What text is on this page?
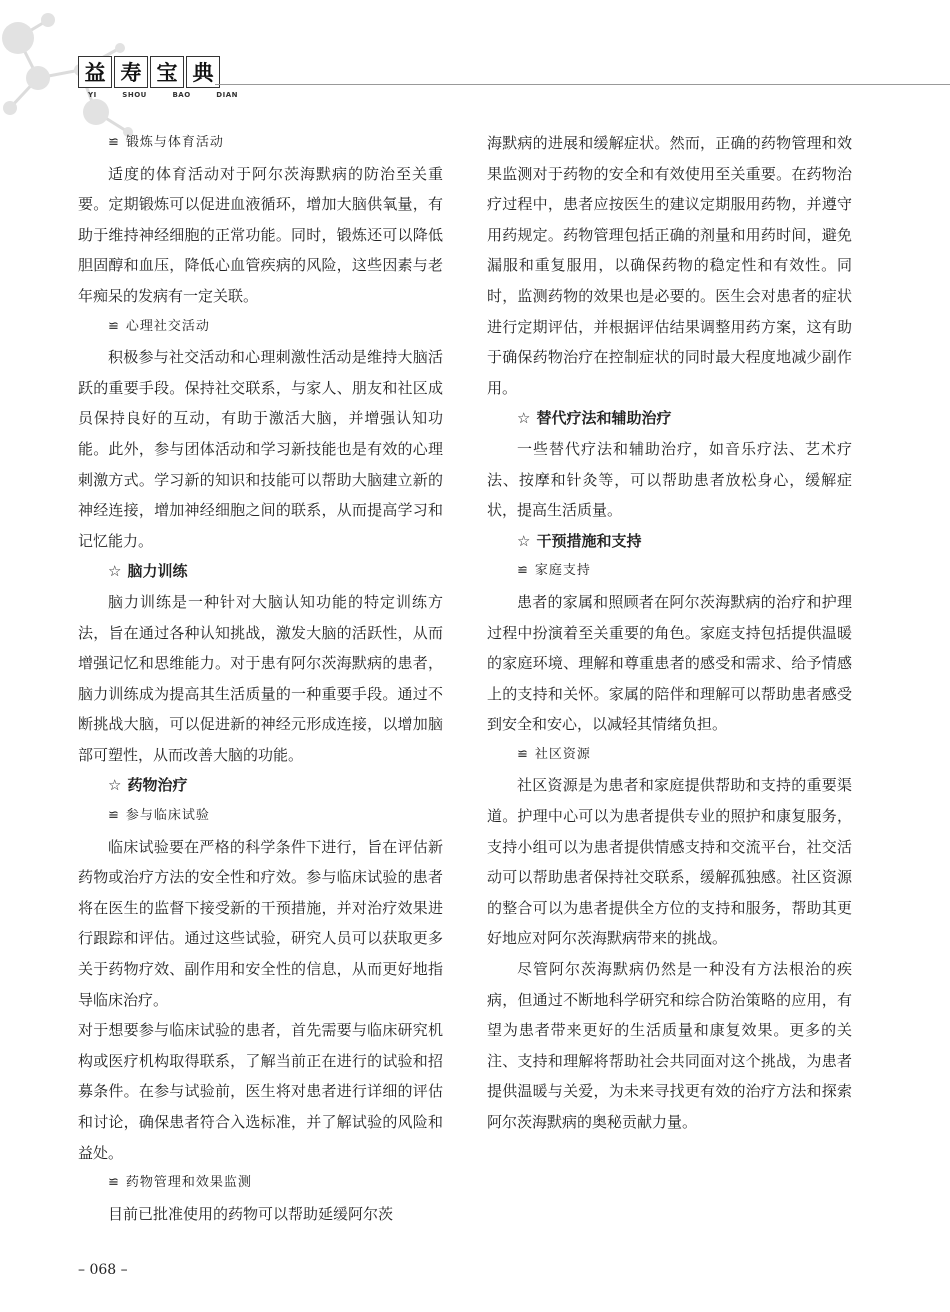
益 寿 宝 典
YI	SHOU	BAO	DIAN

≌ 锻炼与体育活动

适度的体育活动对于阿尔茨海默病的防治至关重要。定期锻炼可以促进血液循环，增加大脑供氧量，有助于维持神经细胞的正常功能。同时，锻炼还可以降低胆固醇和血压，降低心血管疾病的风险，这些因素与老年痴呆的发病有一定关联。

≌ 心理社交活动

积极参与社交活动和心理刺激性活动是维持大脑活跃的重要手段。保持社交联系，与家人、朋友和社区成员保持良好的互动，有助于激活大脑，并增强认知功能。此外，参与团体活动和学习新技能也是有效的心理刺激方式。学习新的知识和技能可以帮助大脑建立新的神经连接，增加神经细胞之间的联系，从而提高学习和记忆能力。

☆ 脑力训练

脑力训练是一种针对大脑认知功能的特定训练方法，旨在通过各种认知挑战，激发大脑的活跃性，从而增强记忆和思维能力。对于患有阿尔茨海默病的患者，脑力训练成为提高其生活质量的一种重要手段。通过不断挑战大脑，可以促进新的神经元形成连接，以增加脑部可塑性，从而改善大脑的功能。

☆ 药物治疗

≌ 参与临床试验

临床试验要在严格的科学条件下进行，旨在评估新药物或治疗方法的安全性和疗效。参与临床试验的患者将在医生的监督下接受新的干预措施，并对治疗效果进行跟踪和评估。通过这些试验，研究人员可以获取更多关于药物疗效、副作用和安全性的信息，从而更好地指导临床治疗。

对于想要参与临床试验的患者，首先需要与临床研究机构或医疗机构取得联系，了解当前正在进行的试验和招募条件。在参与试验前，医生将对患者进行详细的评估和讨论，确保患者符合入选标准，并了解试验的风险和益处。

≌ 药物管理和效果监测

目前已批准使用的药物可以帮助延缓阿尔茨

海默病的进展和缓解症状。然而，正确的药物管理和效果监测对于药物的安全和有效使用至关重要。在药物治疗过程中，患者应按医生的建议定期服用药物，并遵守用药规定。药物管理包括正确的剂量和用药时间，避免漏服和重复服用，以确保药物的稳定性和有效性。同时，监测药物的效果也是必要的。医生会对患者的症状进行定期评估，并根据评估结果调整用药方案，这有助于确保药物治疗在控制症状的同时最大程度地减少副作用。

☆ 替代疗法和辅助治疗

一些替代疗法和辅助治疗，如音乐疗法、艺术疗法、按摩和针灸等，可以帮助患者放松身心，缓解症状，提高生活质量。

☆ 干预措施和支持

≌ 家庭支持

患者的家属和照顾者在阿尔茨海默病的治疗和护理过程中扮演着至关重要的角色。家庭支持包括提供温暖的家庭环境、理解和尊重患者的感受和需求、给予情感上的支持和关怀。家属的陪伴和理解可以帮助患者感受到安全和安心，以减轻其情绪负担。

≌ 社区资源

社区资源是为患者和家庭提供帮助和支持的重要渠道。护理中心可以为患者提供专业的照护和康复服务，支持小组可以为患者提供情感支持和交流平台，社交活动可以帮助患者保持社交联系，缓解孤独感。社区资源的整合可以为患者提供全方位的支持和服务，帮助其更好地应对阿尔茨海默病带来的挑战。

尽管阿尔茨海默病仍然是一种没有方法根治的疾病，但通过不断地科学研究和综合防治策略的应用，有望为患者带来更好的生活质量和康复效果。更多的关注、支持和理解将帮助社会共同面对这个挑战，为患者提供温暖与关爱，为未来寻找更有效的治疗方法和探索阿尔茨海默病的奥秘贡献力量。

– 068 –
